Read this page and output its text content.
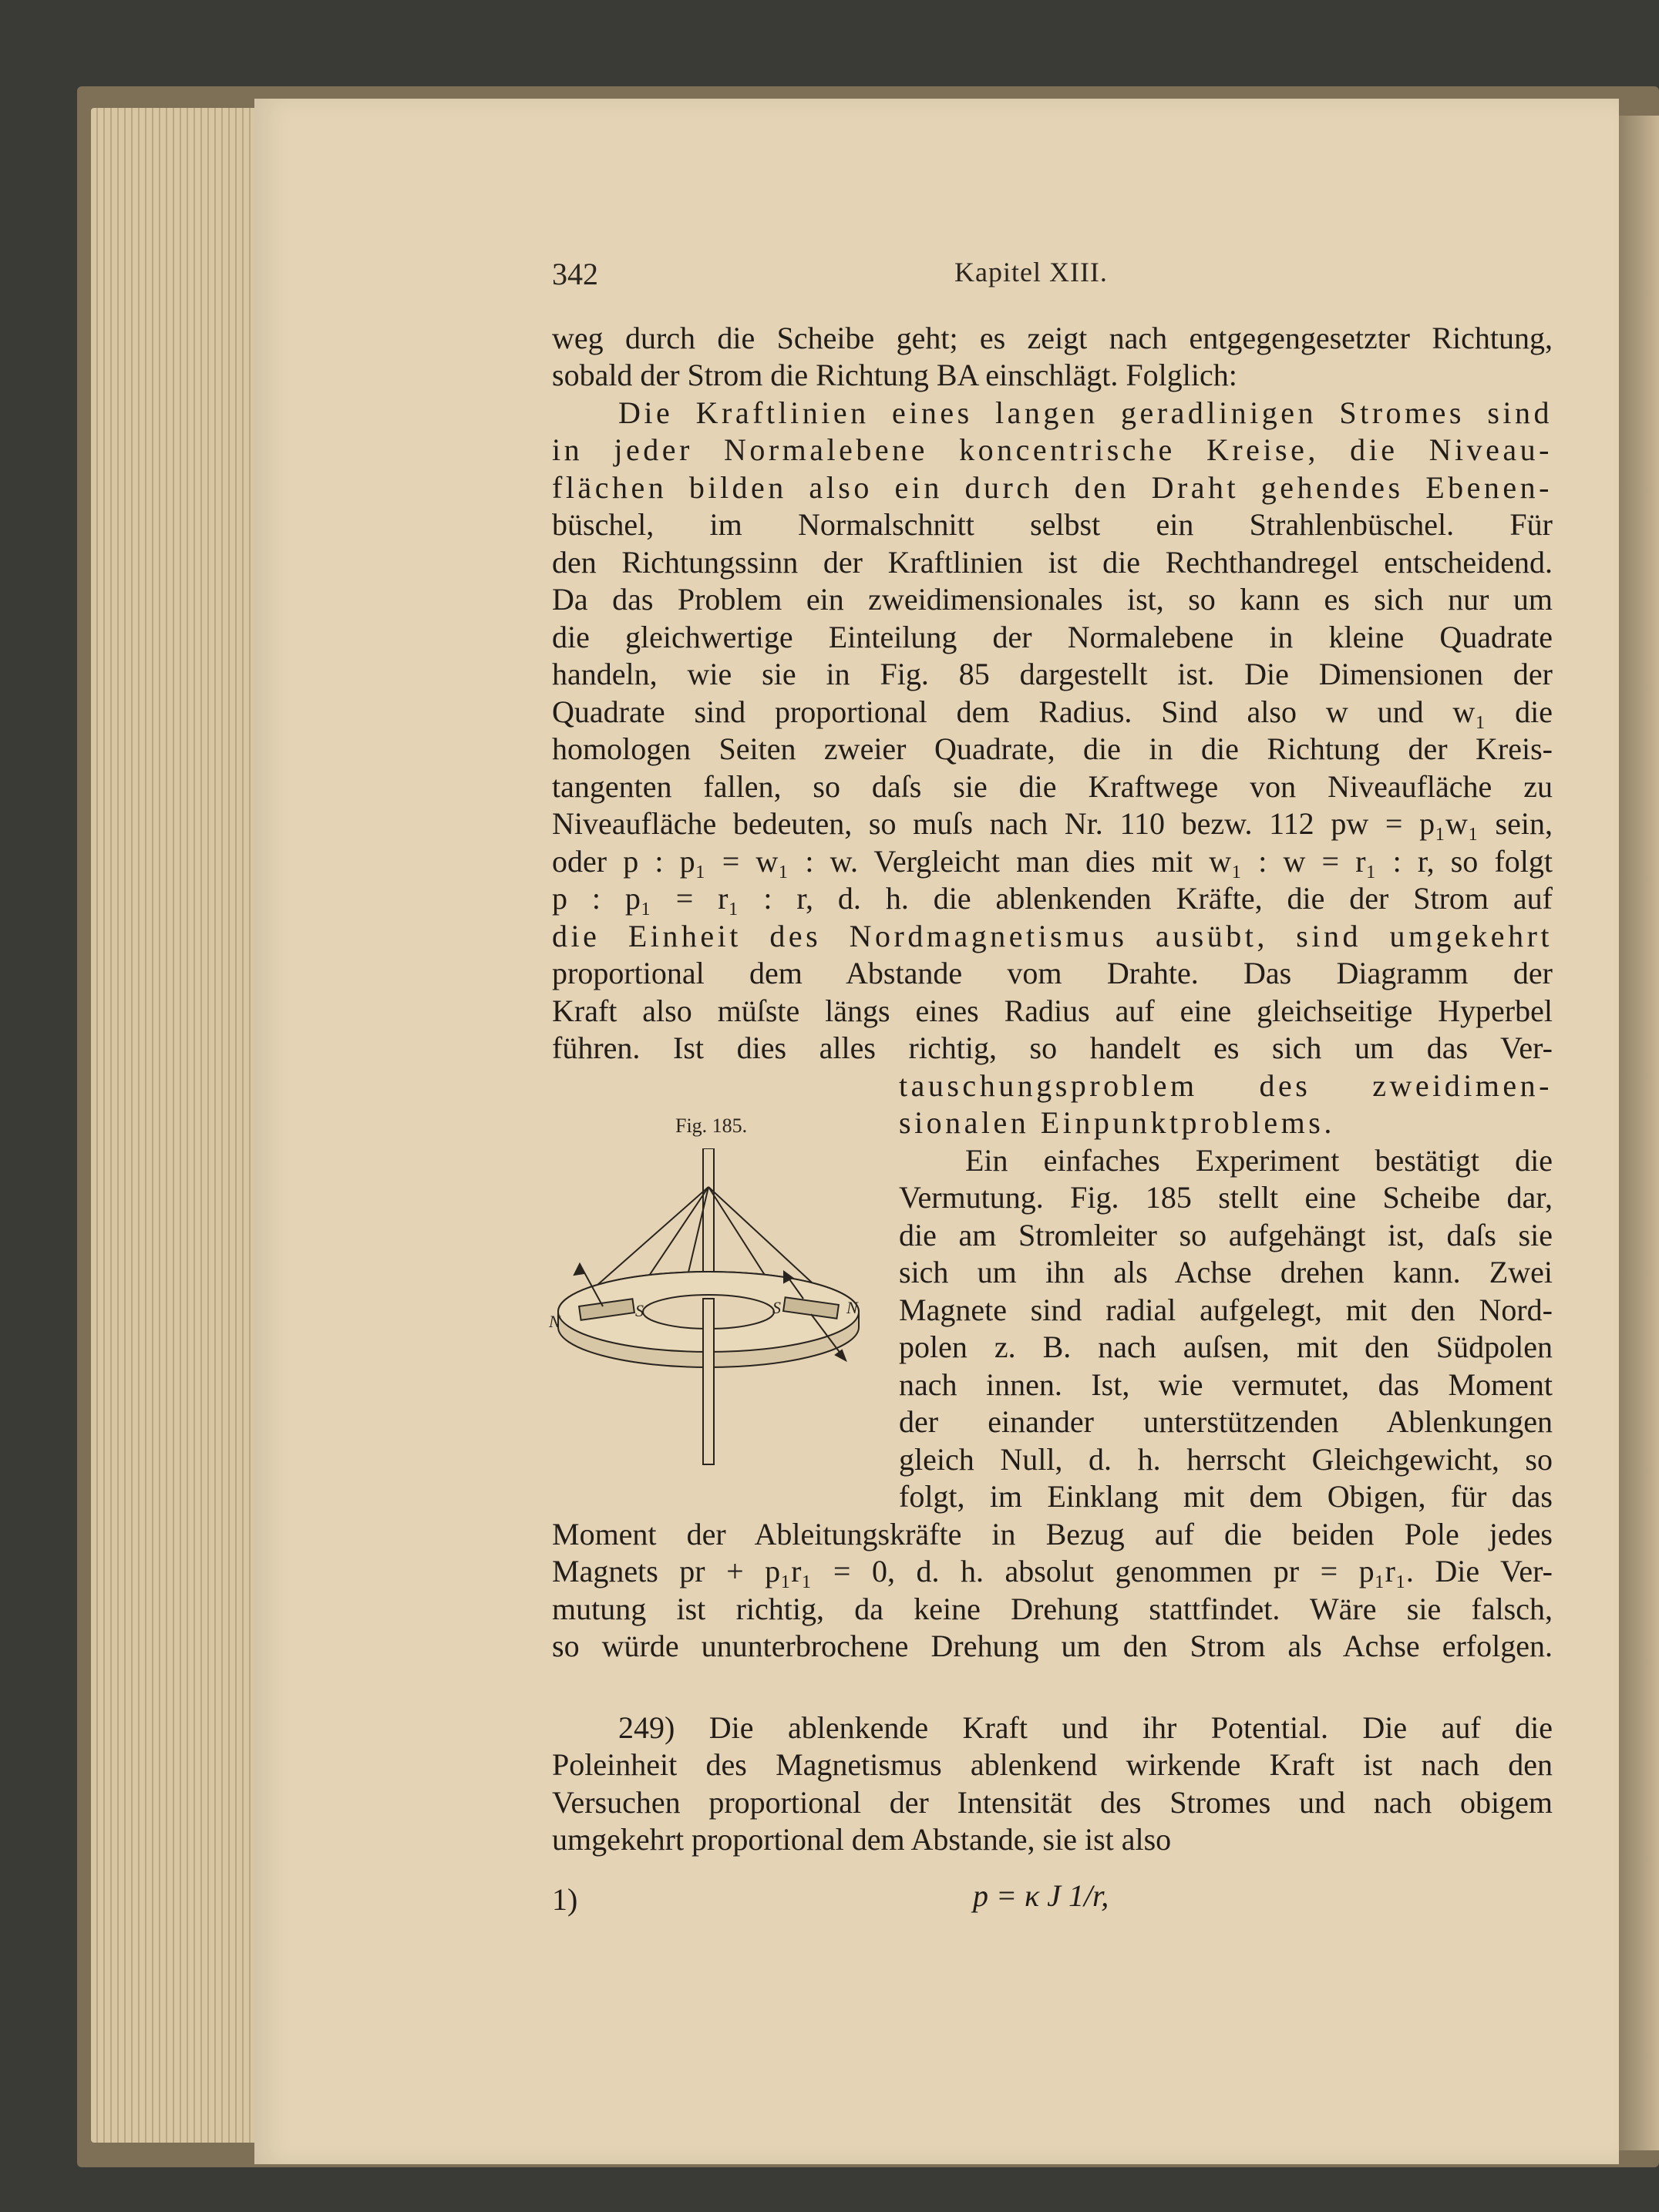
342	Kapitel XIII.
weg durch die Scheibe geht; es zeigt nach entgegengesetzter Richtung,
sobald der Strom die Richtung BA einschlägt. Folglich:
Die Kraftlinien eines langen geradlinigen Stromes sind
in jeder Normalebene koncentrische Kreise, die Niveau-
flächen bilden also ein durch den Draht gehendes Ebenen-
büschel, im Normalschnitt selbst ein Strahlenbüschel. Für
den Richtungssinn der Kraftlinien ist die Rechthandregel entscheidend.
Da das Problem ein zweidimensionales ist, so kann es sich nur um
die gleichwertige Einteilung der Normalebene in kleine Quadrate
handeln, wie sie in Fig. 85 dargestellt ist. Die Dimensionen der
Quadrate sind proportional dem Radius. Sind also w und w₁ die
homologen Seiten zweier Quadrate, die in die Richtung der Kreis-
tangenten fallen, so daſs sie die Kraftwege von Niveaufläche zu
Niveaufläche bedeuten, so muſs nach Nr. 110 bezw. 112 pw = p₁w₁ sein,
oder p : p₁ = w₁ : w. Vergleicht man dies mit w₁ : w = r₁ : r, so folgt
p : p₁ = r₁ : r, d. h. die ablenkenden Kräfte, die der Strom auf
die Einheit des Nordmagnetismus ausübt, sind umgekehrt
proportional dem Abstande vom Drahte. Das Diagramm der
Kraft also müſste längs eines Radius auf eine gleichseitige Hyperbel
führen. Ist dies alles richtig, so handelt es sich um das Ver-
tauschungsproblem des zweidimen-
sionalen Einpunktproblems.
Ein einfaches Experiment bestätigt die
Vermutung. Fig. 185 stellt eine Scheibe dar,
die am Stromleiter so aufgehängt ist, daſs sie
sich um ihn als Achse drehen kann. Zwei
Magnete sind radial aufgelegt, mit den Nord-
polen z. B. nach auſsen, mit den Südpolen
nach innen. Ist, wie vermutet, das Moment
der einander unterstützenden Ablenkungen
gleich Null, d. h. herrscht Gleichgewicht, so
folgt, im Einklang mit dem Obigen, für das
Moment der Ableitungskräfte in Bezug auf die beiden Pole jedes
Magnets pr + p₁r₁ = 0, d. h. absolut genommen pr = p₁r₁. Die Ver-
mutung ist richtig, da keine Drehung stattfindet. Wäre sie falsch,
so würde ununterbrochene Drehung um den Strom als Achse erfolgen.
249) Die ablenkende Kraft und ihr Potential. Die auf die
Poleinheit des Magnetismus ablenkend wirkende Kraft ist nach den
Versuchen proportional der Intensität des Stromes und nach obigem
umgekehrt proportional dem Abstande, sie ist also
Fig. 185.
N
S	S	N
1)	p = κ J 1/r,
